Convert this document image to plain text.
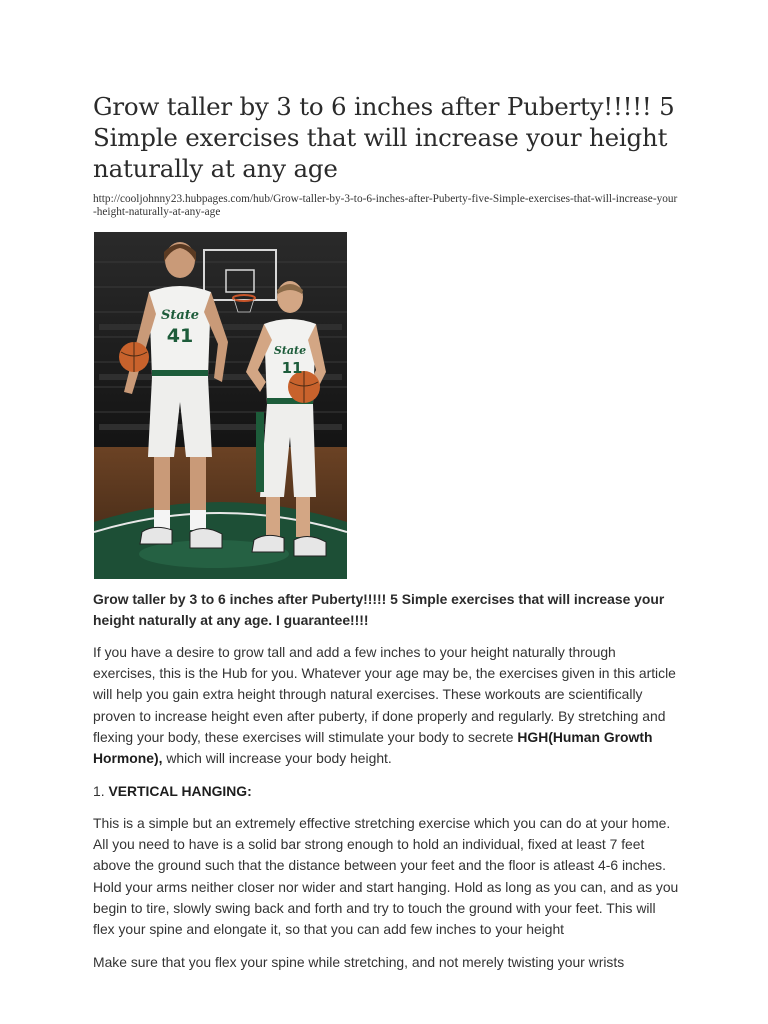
Grow taller by 3 to 6 inches after Puberty!!!!! 5 Simple exercises that will increase your height naturally at any age

http://cooljohnny23.hubpages.com/hub/Grow-taller-by-3-to-6-inches-after-Puberty-five-Simple-exercises-that-will-increase-your-height-naturally-at-any-age

State
41
State
11

Grow taller by 3 to 6 inches after Puberty!!!!! 5 Simple exercises that will increase your height naturally at any age. I guarantee!!!!

If you have a desire to grow tall and add a few inches to your height naturally through exercises, this is the Hub for you. Whatever your age may be, the exercises given in this article will help you gain extra height through natural exercises. These workouts are scientifically proven to increase height even after puberty, if done properly and regularly. By stretching and flexing your body, these exercises will stimulate your body to secrete HGH(Human Growth Hormone), which will increase your body height.

1. VERTICAL HANGING:

This is a simple but an extremely effective stretching exercise which you can do at your home. All you need to have is a solid bar strong enough to hold an individual, fixed at least 7 feet above the ground such that the distance between your feet and the floor is atleast 4-6 inches. Hold your arms neither closer nor wider and start hanging. Hold as long as you can, and as you begin to tire, slowly swing back and forth and try to touch the ground with your feet. This will flex your spine and elongate it, so that you can add few inches to your height

Make sure that you flex your spine while stretching, and not merely twisting your wrists
